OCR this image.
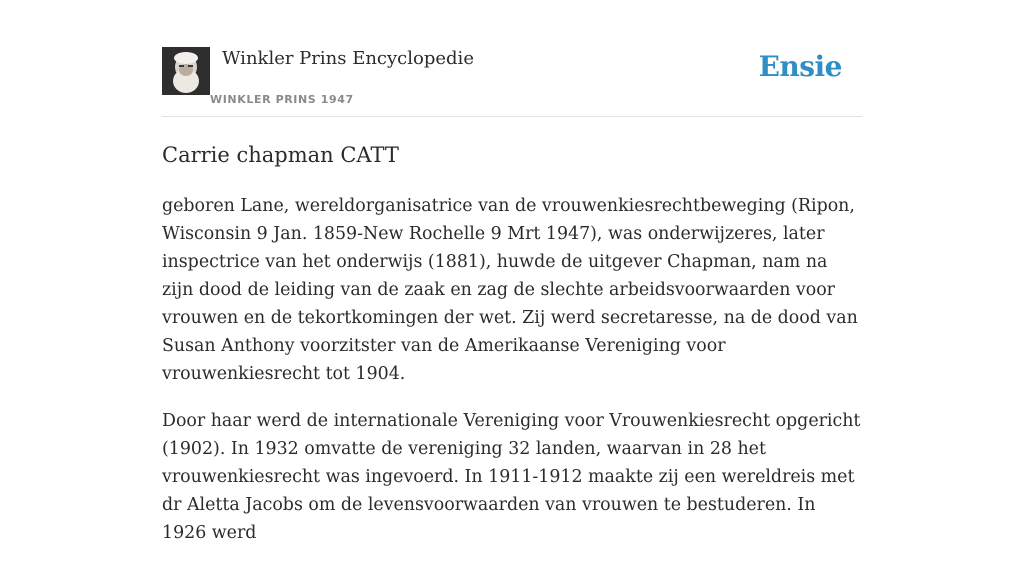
Winkler Prins Encyclopedie
WINKLER PRINS 1947
Ensie
Carrie chapman CATT

geboren Lane, wereldorganisatrice van de vrouwenkiesrechtbeweging (Ripon, Wisconsin 9 Jan. 1859-New Rochelle 9 Mrt 1947), was onderwijzeres, later inspectrice van het onderwijs (1881), huwde de uitgever Chapman, nam na zijn dood de leiding van de zaak en zag de slechte arbeidsvoorwaarden voor vrouwen en de tekortkomingen der wet. Zij werd secretaresse, na de dood van Susan Anthony voorzitster van de Amerikaanse Vereniging voor vrouwenkiesrecht tot 1904.

Door haar werd de internationale Vereniging voor Vrouwenkiesrecht opgericht (1902). In 1932 omvatte de vereniging 32 landen, waarvan in 28 het vrouwenkiesrecht was ingevoerd. In 1911-1912 maakte zij een wereldreis met dr Aletta Jacobs om de levensvoorwaarden van vrouwen te bestuderen. In 1926 werd
